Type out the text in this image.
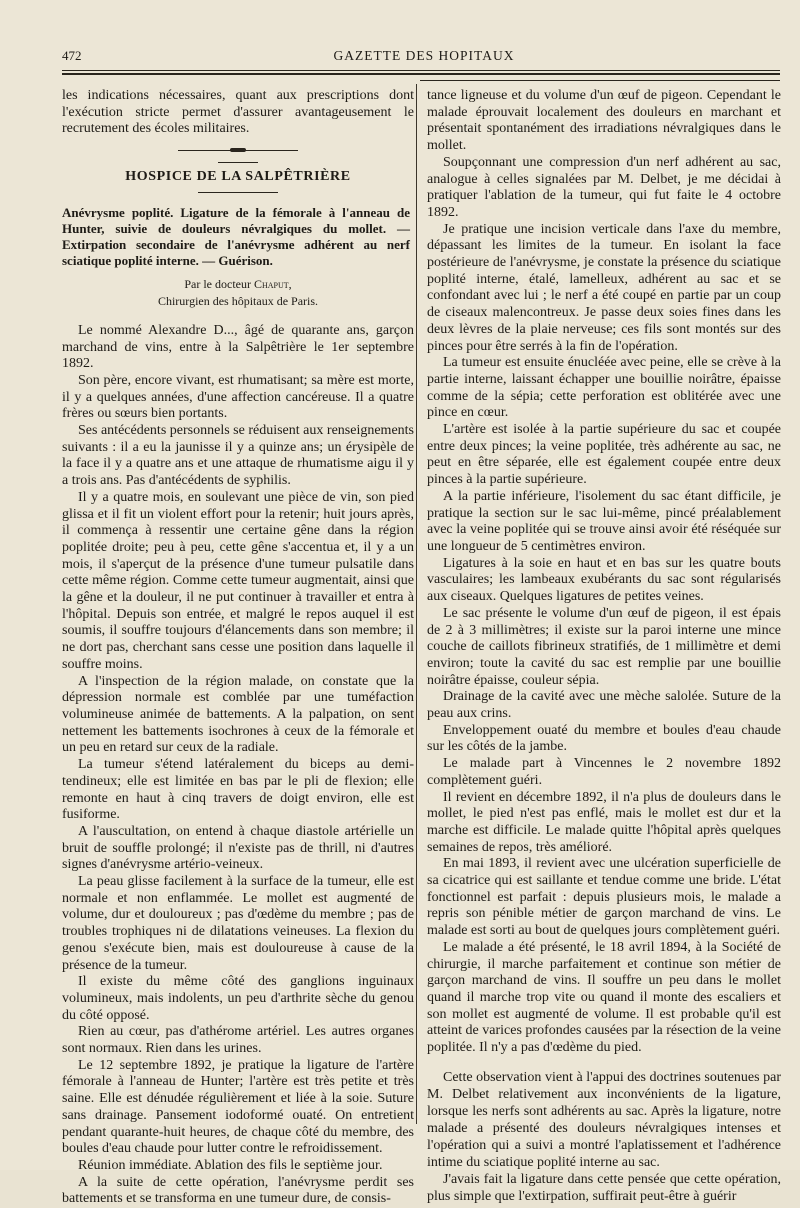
472	GAZETTE DES HOPITAUX

les indications nécessaires, quant aux prescriptions dont l'exécution stricte permet d'assurer avantageusement le recrutement des écoles militaires.

HOSPICE DE LA SALPÊTRIÈRE
Anévrysme poplité. Ligature de la fémorale à l'anneau de Hunter, suivie de douleurs névralgiques du mollet. — Extirpation secondaire de l'anévrysme adhérent au nerf sciatique poplité interne. — Guérison.
Par le docteur Chaput,
Chirurgien des hôpitaux de Paris.

Le nommé Alexandre D..., âgé de quarante ans, garçon marchand de vins, entre à la Salpêtrière le 1er septembre 1892.

Son père, encore vivant, est rhumatisant; sa mère est morte, il y a quelques années, d'une affection cancéreuse. Il a quatre frères ou sœurs bien portants.

Ses antécédents personnels se réduisent aux renseignements suivants : il a eu la jaunisse il y a quinze ans; un érysipèle de la face il y a quatre ans et une attaque de rhumatisme aigu il y a trois ans. Pas d'antécédents de syphilis.

Il y a quatre mois, en soulevant une pièce de vin, son pied glissa et il fit un violent effort pour la retenir; huit jours après, il commença à ressentir une certaine gêne dans la région poplitée droite; peu à peu, cette gêne s'accentua et, il y a un mois, il s'aperçut de la présence d'une tumeur pulsatile dans cette même région. Comme cette tumeur augmentait, ainsi que la gêne et la douleur, il ne put continuer à travailler et entra à l'hôpital. Depuis son entrée, et malgré le repos auquel il est soumis, il souffre toujours d'élancements dans son membre; il ne dort pas, cherchant sans cesse une position dans laquelle il souffre moins.

A l'inspection de la région malade, on constate que la dépression normale est comblée par une tuméfaction volumineuse animée de battements. A la palpation, on sent nettement les battements isochrones à ceux de la fémorale et un peu en retard sur ceux de la radiale.

La tumeur s'étend latéralement du biceps au demi-tendineux; elle est limitée en bas par le pli de flexion; elle remonte en haut à cinq travers de doigt environ, elle est fusiforme.

A l'auscultation, on entend à chaque diastole artérielle un bruit de souffle prolongé; il n'existe pas de thrill, ni d'autres signes d'anévrysme artério-veineux.

La peau glisse facilement à la surface de la tumeur, elle est normale et non enflammée. Le mollet est augmenté de volume, dur et douloureux ; pas d'œdème du membre ; pas de troubles trophiques ni de dilatations veineuses. La flexion du genou s'exécute bien, mais est douloureuse à cause de la présence de la tumeur.

Il existe du même côté des ganglions inguinaux volumineux, mais indolents, un peu d'arthrite sèche du genou du côté opposé.

Rien au cœur, pas d'athérome artériel. Les autres organes sont normaux. Rien dans les urines.

Le 12 septembre 1892, je pratique la ligature de l'artère fémorale à l'anneau de Hunter; l'artère est très petite et très saine. Elle est dénudée régulièrement et liée à la soie. Suture sans drainage. Pansement iodoformé ouaté. On entretient pendant quarante-huit heures, de chaque côté du membre, des boules d'eau chaude pour lutter contre le refroidissement.

Réunion immédiate. Ablation des fils le septième jour.

A la suite de cette opération, l'anévrysme perdit ses battements et se transforma en une tumeur dure, de consis-

tance ligneuse et du volume d'un œuf de pigeon. Cependant le malade éprouvait localement des douleurs en marchant et présentait spontanément des irradiations névralgiques dans le mollet.

Soupçonnant une compression d'un nerf adhérent au sac, analogue à celles signalées par M. Delbet, je me décidai à pratiquer l'ablation de la tumeur, qui fut faite le 4 octobre 1892.

Je pratique une incision verticale dans l'axe du membre, dépassant les limites de la tumeur. En isolant la face postérieure de l'anévrysme, je constate la présence du sciatique poplité interne, étalé, lamelleux, adhérent au sac et se confondant avec lui ; le nerf a été coupé en partie par un coup de ciseaux malencontreux. Je passe deux soies fines dans les deux lèvres de la plaie nerveuse; ces fils sont montés sur des pinces pour être serrés à la fin de l'opération.

La tumeur est ensuite énucléée avec peine, elle se crève à la partie interne, laissant échapper une bouillie noirâtre, épaisse comme de la sépia; cette perforation est oblitérée avec une pince en cœur.

L'artère est isolée à la partie supérieure du sac et coupée entre deux pinces; la veine poplitée, très adhérente au sac, ne peut en être séparée, elle est également coupée entre deux pinces à la partie supérieure.

A la partie inférieure, l'isolement du sac étant difficile, je pratique la section sur le sac lui-même, pincé préalablement avec la veine poplitée qui se trouve ainsi avoir été réséquée sur une longueur de 5 centimètres environ.

Ligatures à la soie en haut et en bas sur les quatre bouts vasculaires; les lambeaux exubérants du sac sont régularisés aux ciseaux. Quelques ligatures de petites veines.

Le sac présente le volume d'un œuf de pigeon, il est épais de 2 à 3 millimètres; il existe sur la paroi interne une mince couche de caillots fibrineux stratifiés, de 1 millimètre et demi environ; toute la cavité du sac est remplie par une bouillie noirâtre épaisse, couleur sépia.

Drainage de la cavité avec une mèche salolée. Suture de la peau aux crins.

Enveloppement ouaté du membre et boules d'eau chaude sur les côtés de la jambe.

Le malade part à Vincennes le 2 novembre 1892 complètement guéri.

Il revient en décembre 1892, il n'a plus de douleurs dans le mollet, le pied n'est pas enflé, mais le mollet est dur et la marche est difficile. Le malade quitte l'hôpital après quelques semaines de repos, très amélioré.

En mai 1893, il revient avec une ulcération superficielle de sa cicatrice qui est saillante et tendue comme une bride. L'état fonctionnel est parfait : depuis plusieurs mois, le malade a repris son pénible métier de garçon marchand de vins. Le malade est sorti au bout de quelques jours complètement guéri.

Le malade a été présenté, le 18 avril 1894, à la Société de chirurgie, il marche parfaitement et continue son métier de garçon marchand de vins. Il souffre un peu dans le mollet quand il marche trop vite ou quand il monte des escaliers et son mollet est augmenté de volume. Il est probable qu'il est atteint de varices profondes causées par la résection de la veine poplitée. Il n'y a pas d'œdème du pied.

Cette observation vient à l'appui des doctrines soutenues par M. Delbet relativement aux inconvénients de la ligature, lorsque les nerfs sont adhérents au sac. Après la ligature, notre malade a présenté des douleurs névralgiques intenses et l'opération qui a suivi a montré l'aplatissement et l'adhérence intime du sciatique poplité interne au sac.

J'avais fait la ligature dans cette pensée que cette opération, plus simple que l'extirpation, suffirait peut-être à guérir
